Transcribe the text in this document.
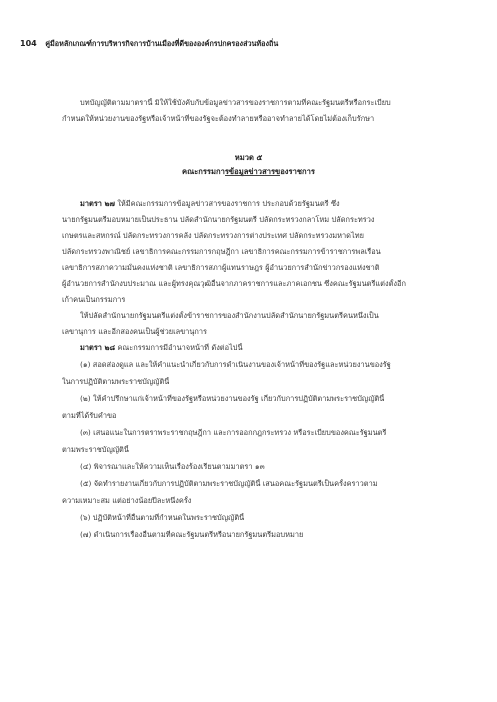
104 คู่มือหลักเกณฑ์การบริหารกิจการบ้านเมืองที่ดีขององค์กรปกครองส่วนท้องถิ่น
บทบัญญัติตามมาตรานี้ มิให้ใช้บังคับกับข้อมูลข่าวสารของราชการตามที่คณะรัฐมนตรีหรือกระเบียบ
กำหนดให้หน่วยงานของรัฐหรือเจ้าหน้าที่ของรัฐจะต้องทำลายหรืออาจทำลายได้โดยไม่ต้องเก็บรักษา
หมวด ๕
คณะกรรมการข้อมูลข่าวสารของราชการ
มาตรา ๒๗ ให้มีคณะกรรมการข้อมูลข่าวสารของราชการ ประกอบด้วยรัฐมนตรี ซึ่ง
นายกรัฐมนตรีมอบหมายเป็นประธาน ปลัดสำนักนายกรัฐมนตรี ปลัดกระทรวงกลาโหม ปลัดกระทรวง
เกษตรและสหกรณ์ ปลัดกระทรวงการคลัง ปลัดกระทรวงการต่างประเทศ ปลัดกระทรวงมหาดไทย
ปลัดกระทรวงพาณิชย์ เลขาธิการคณะกรรมการกฤษฎีกา เลขาธิการคณะกรรมการข้าราชการพลเรือน
เลขาธิการสภาความมั่นคงแห่งชาติ เลขาธิการสภาผู้แทนราษฎร ผู้อำนวยการสำนักข่าวกรองแห่งชาติ
ผู้อำนวยการสำนักงบประมาณ และผู้ทรงคุณวุฒิอื่นจากภาคราชการและภาคเอกชน ซึ่งคณะรัฐมนตรีแต่งตั้งอีก
เก้าคนเป็นกรรมการ
ให้ปลัดสำนักนายกรัฐมนตรีแต่งตั้งข้าราชการของสำนักงานปลัดสำนักนายกรัฐมนตรีคนหนึ่งเป็น
เลขานุการ และอีกสองคนเป็นผู้ช่วยเลขานุการ
มาตรา ๒๘ คณะกรรมการมีอำนาจหน้าที่ ดังต่อไปนี้
(๑) สอดส่องดูแล และให้คำแนะนำเกี่ยวกับการดำเนินงานของเจ้าหน้าที่ของรัฐและหน่วยงานของรัฐ
ในการปฏิบัติตามพระราชบัญญัตินี้
(๒) ให้คำปรึกษาแก่เจ้าหน้าที่ของรัฐหรือหน่วยงานของรัฐ เกี่ยวกับการปฏิบัติตามพระราชบัญญัตินี้
ตามที่ได้รับคำขอ
(๓) เสนอแนะในการตราพระราชกฤษฎีกา และการออกกฎกระทรวง หรือระเบียบของคณะรัฐมนตรี
ตามพระราชบัญญัตินี้
(๔) พิจารณาและให้ความเห็นเรื่องร้องเรียนตามมาตรา ๑๓
(๕) จัดทำรายงานเกี่ยวกับการปฏิบัติตามพระราชบัญญัตินี้ เสนอคณะรัฐมนตรีเป็นครั้งคราวตาม
ความเหมาะสม แต่อย่างน้อยปีละหนึ่งครั้ง
(๖) ปฏิบัติหน้าที่อื่นตามที่กำหนดในพระราชบัญญัตินี้
(๗) ดำเนินการเรื่องอื่นตามที่คณะรัฐมนตรีหรือนายกรัฐมนตรีมอบหมาย
